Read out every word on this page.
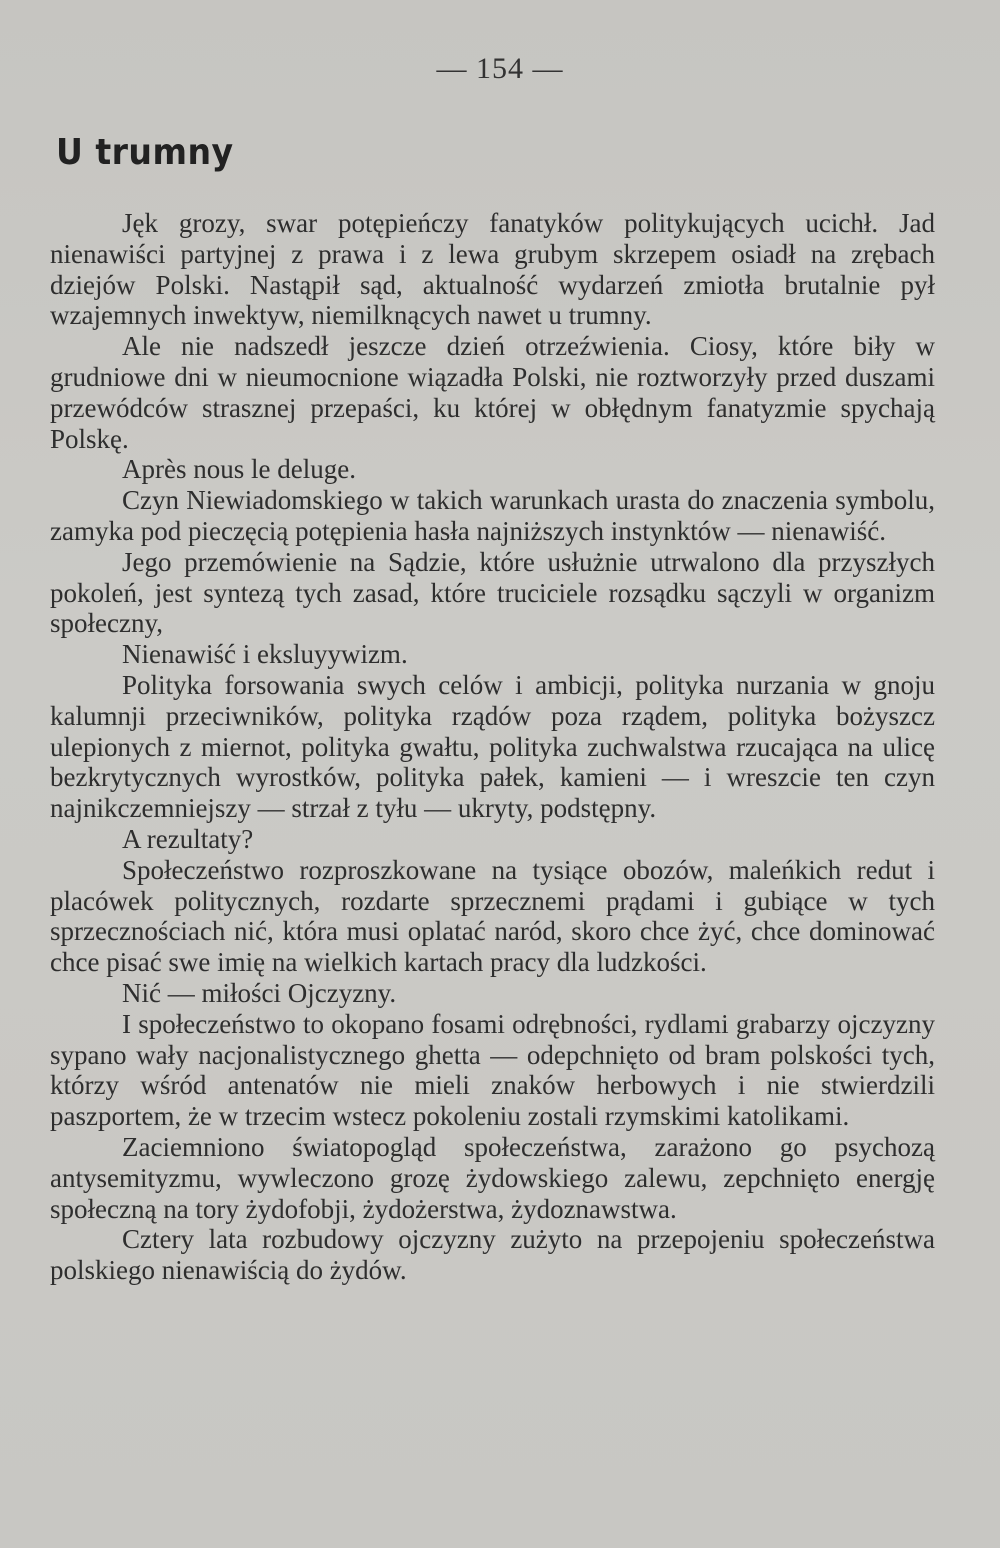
— 154 —
U trumny

Jęk grozy, swar potępieńczy fanatyków politykujących ucichł. Jad nienawiści partyjnej z prawa i z lewa grubym skrzepem osiadł na zrębach dziejów Polski. Nastąpił sąd, aktualność wydarzeń zmiotła brutalnie pył wzajemnych inwektyw, niemilknących nawet u trumny.

Ale nie nadszedł jeszcze dzień otrzeźwienia. Ciosy, które biły w grudniowe dni w nieumocnione wiązadła Polski, nie roztworzyły przed duszami przewódców strasznej przepaści, ku której w obłędnym fanatyzmie spychają Polskę.

Après nous le deluge.

Czyn Niewiadomskiego w takich warunkach urasta do znaczenia symbolu, zamyka pod pieczęcią potępienia hasła najniższych instynktów — nienawiść.

Jego przemówienie na Sądzie, które usłużnie utrwalono dla przyszłych pokoleń, jest syntezą tych zasad, które truciciele rozsądku sączyli w organizm społeczny,

Nienawiść i eksluyywizm.

Polityka forsowania swych celów i ambicji, polityka nurzania w gnoju kalumnji przeciwników, polityka rządów poza rządem, polityka bożyszcz ulepionych z miernot, polityka gwałtu, polityka zuchwalstwa rzucająca na ulicę bezkrytycznych wyrostków, polityka pałek, kamieni — i wreszcie ten czyn najnikczemniejszy — strzał z tyłu — ukryty, podstępny.

A rezultaty?

Społeczeństwo rozproszkowane na tysiące obozów, maleńkich redut i placówek politycznych, rozdarte sprzecznemi prądami i gubiące w tych sprzecznościach nić, która musi oplatać naród, skoro chce żyć, chce dominować chce pisać swe imię na wielkich kartach pracy dla ludzkości.

Nić — miłości Ojczyzny.

I społeczeństwo to okopano fosami odrębności, rydlami grabarzy ojczyzny sypano wały nacjonalistycznego ghetta — odepchnięto od bram polskości tych, którzy wśród antenatów nie mieli znaków herbowych i nie stwierdzili paszportem, że w trzecim wstecz pokoleniu zostali rzymskimi katolikami.

Zaciemniono światopogląd społeczeństwa, zarażono go psychozą antysemityzmu, wywleczono grozę żydowskiego zalewu, zepchnięto energję społeczną na tory żydofobji, żydożerstwa, żydoznawstwa.

Cztery lata rozbudowy ojczyzny zużyto na przepojeniu społeczeństwa polskiego nienawiścią do żydów.
